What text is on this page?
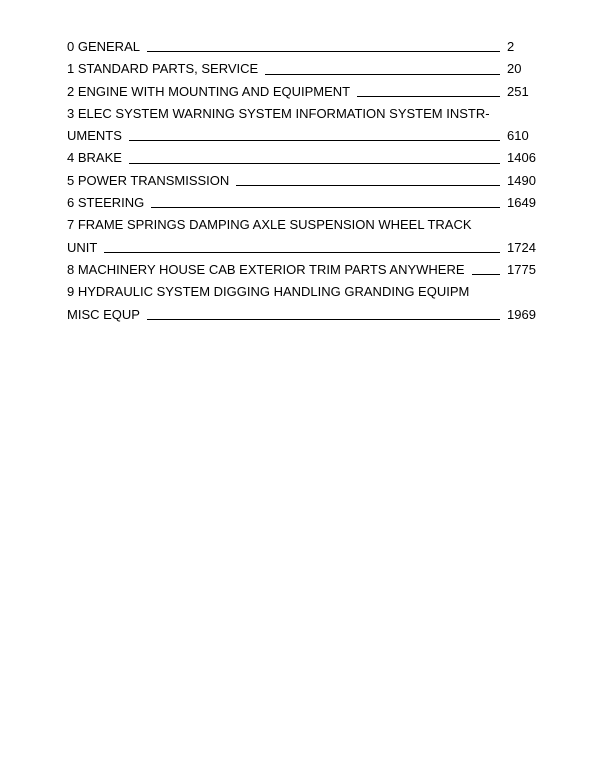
0 GENERAL	2
1 STANDARD PARTS, SERVICE	20
2 ENGINE WITH MOUNTING AND EQUIPMENT	251
3 ELEC SYSTEM WARNING SYSTEM INFORMATION SYSTEM INSTR-
UMENTS	610
4 BRAKE	1406
5 POWER TRANSMISSION	1490
6 STEERING	1649
7 FRAME SPRINGS DAMPING AXLE SUSPENSION WHEEL TRACK
UNIT	1724
8 MACHINERY HOUSE CAB EXTERIOR TRIM PARTS ANYWHERE	1775
9 HYDRAULIC SYSTEM DIGGING HANDLING GRANDING EQUIPM
MISC EQUP	1969
